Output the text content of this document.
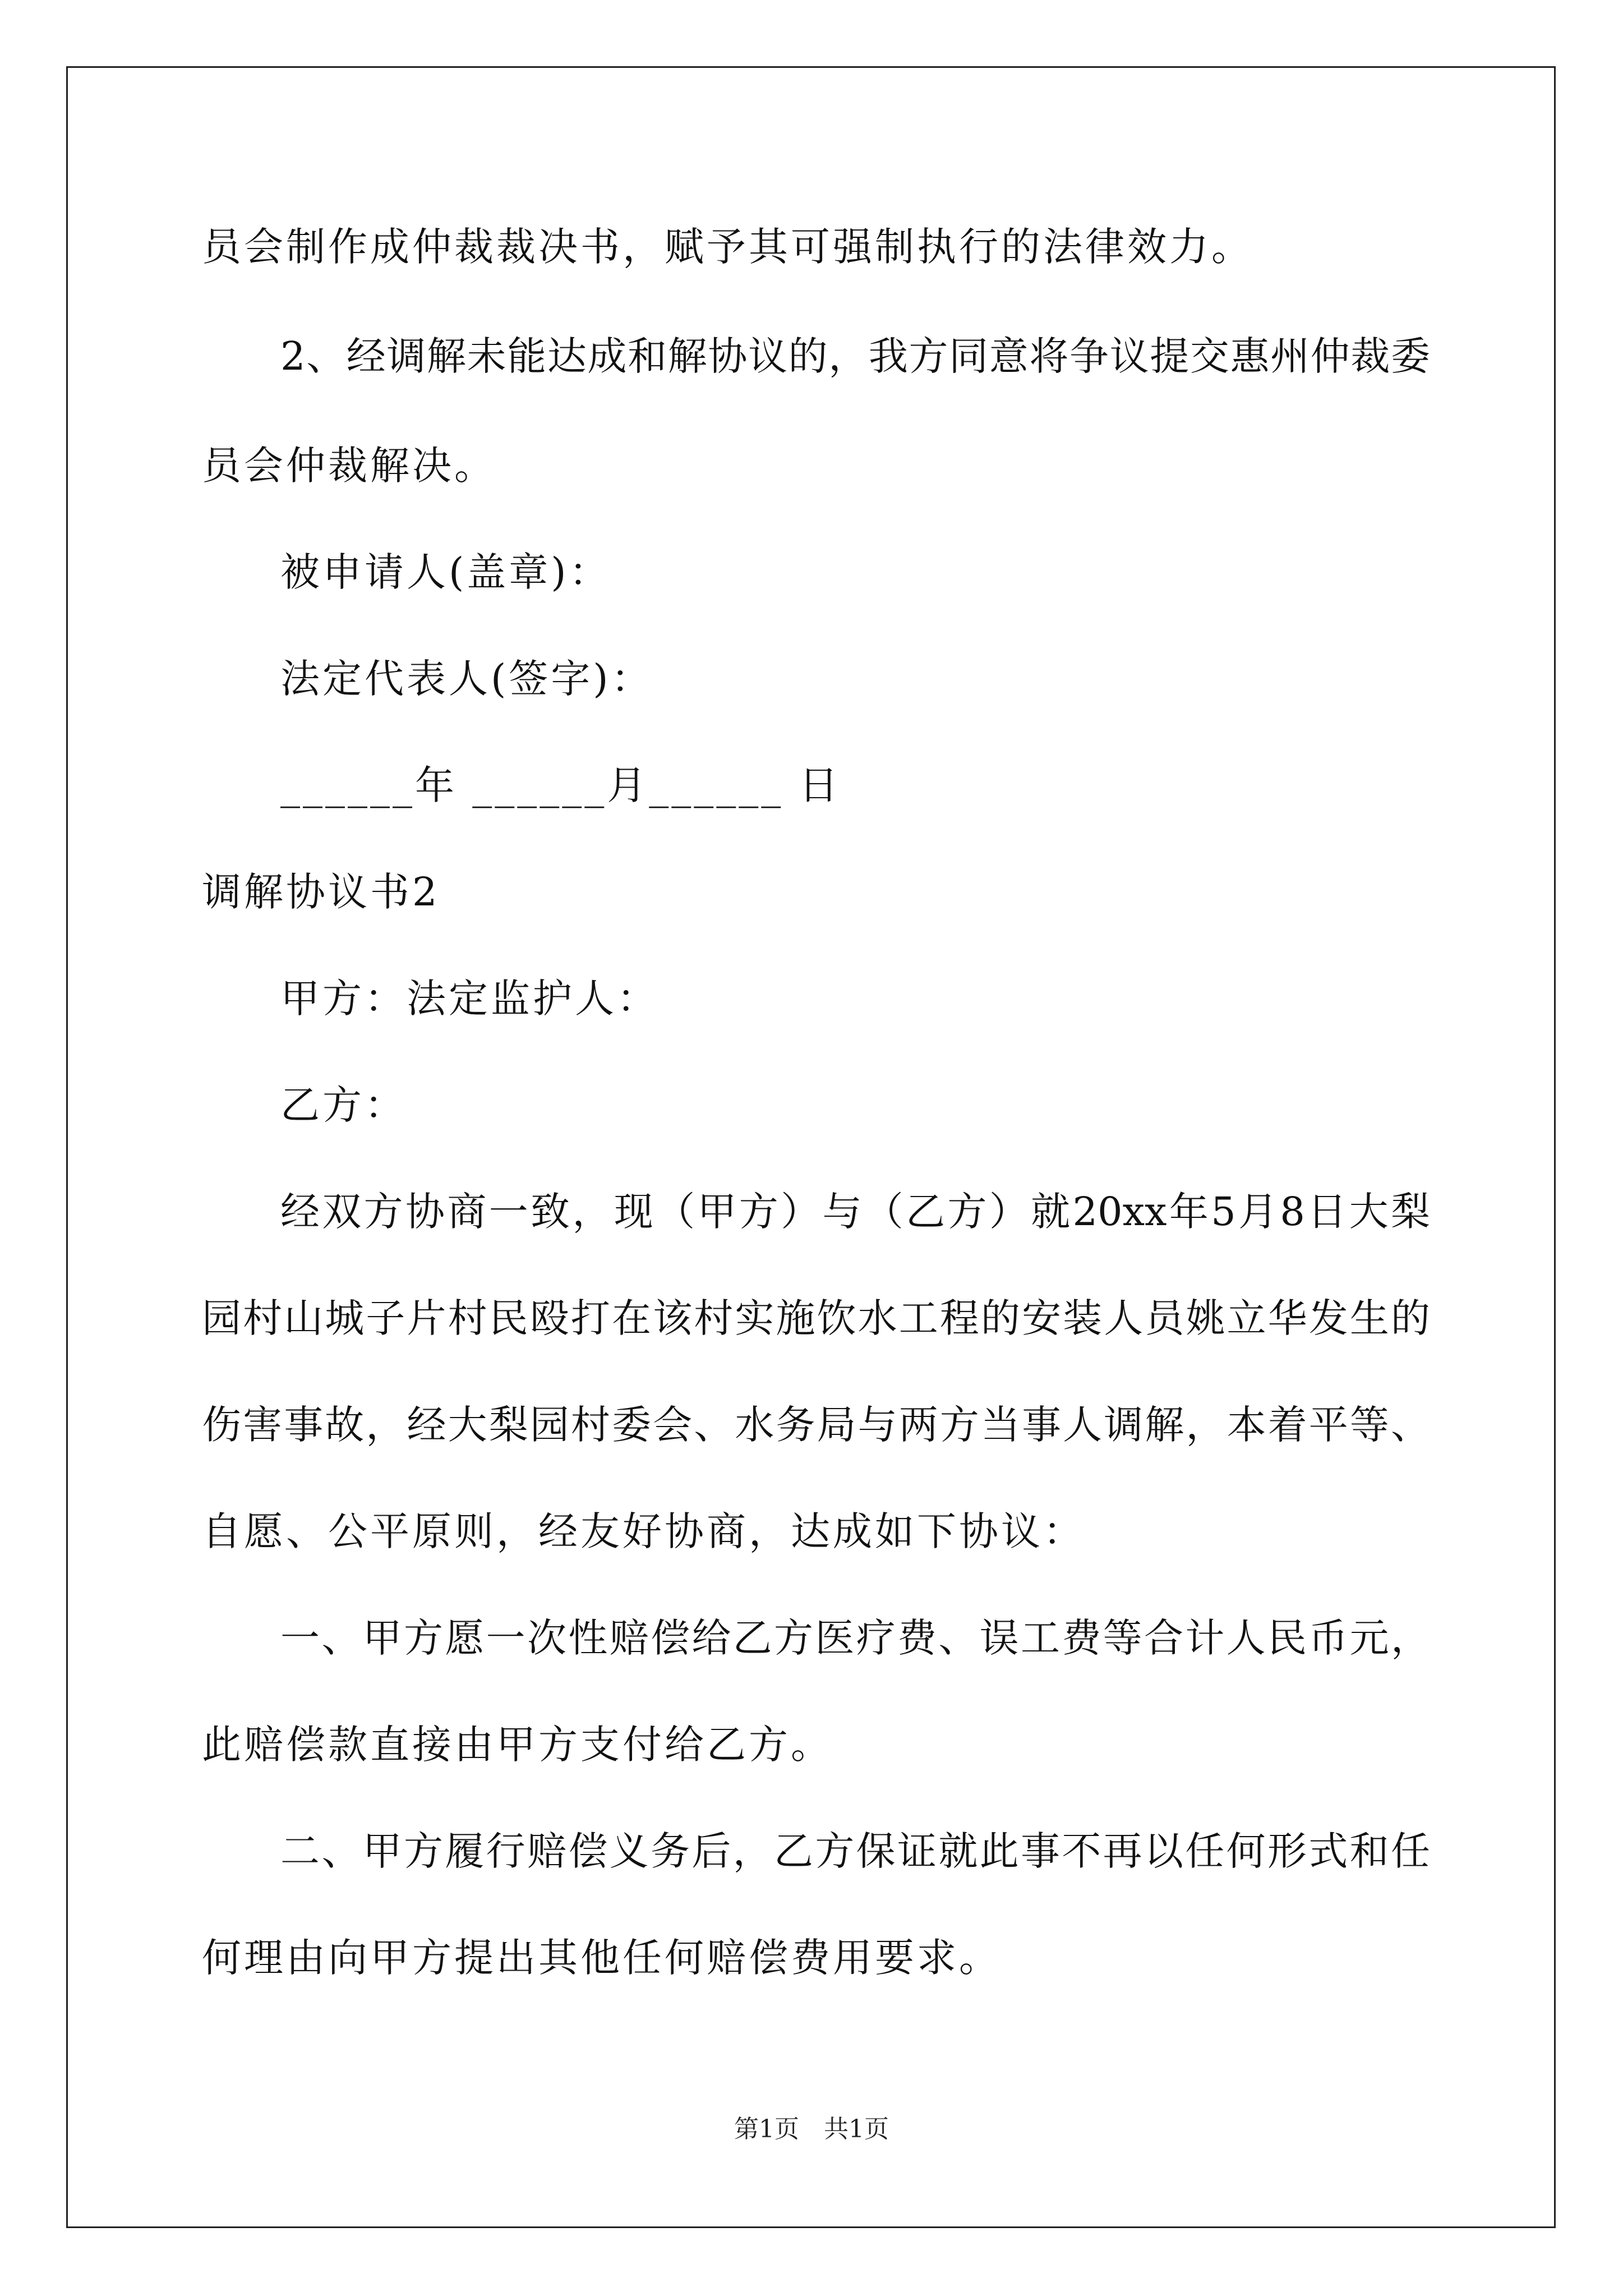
员会制作成仲裁裁决书，赋予其可强制执行的法律效力。
2、经调解未能达成和解协议的，我方同意将争议提交惠州仲裁委
员会仲裁解决。
被申请人(盖章)：
法定代表人(签字)：
______年 ______月______ 日
调解协议书2
甲方：法定监护人：
乙方：
经双方协商一致，现（甲方）与（乙方）就20xx年5月8日大梨
园村山城子片村民殴打在该村实施饮水工程的安装人员姚立华发生的
伤害事故，经大梨园村委会、水务局与两方当事人调解，本着平等、
自愿、公平原则，经友好协商，达成如下协议：
一、甲方愿一次性赔偿给乙方医疗费、误工费等合计人民币元，
此赔偿款直接由甲方支付给乙方。
二、甲方履行赔偿义务后，乙方保证就此事不再以任何形式和任
何理由向甲方提出其他任何赔偿费用要求。
第1页　共1页
